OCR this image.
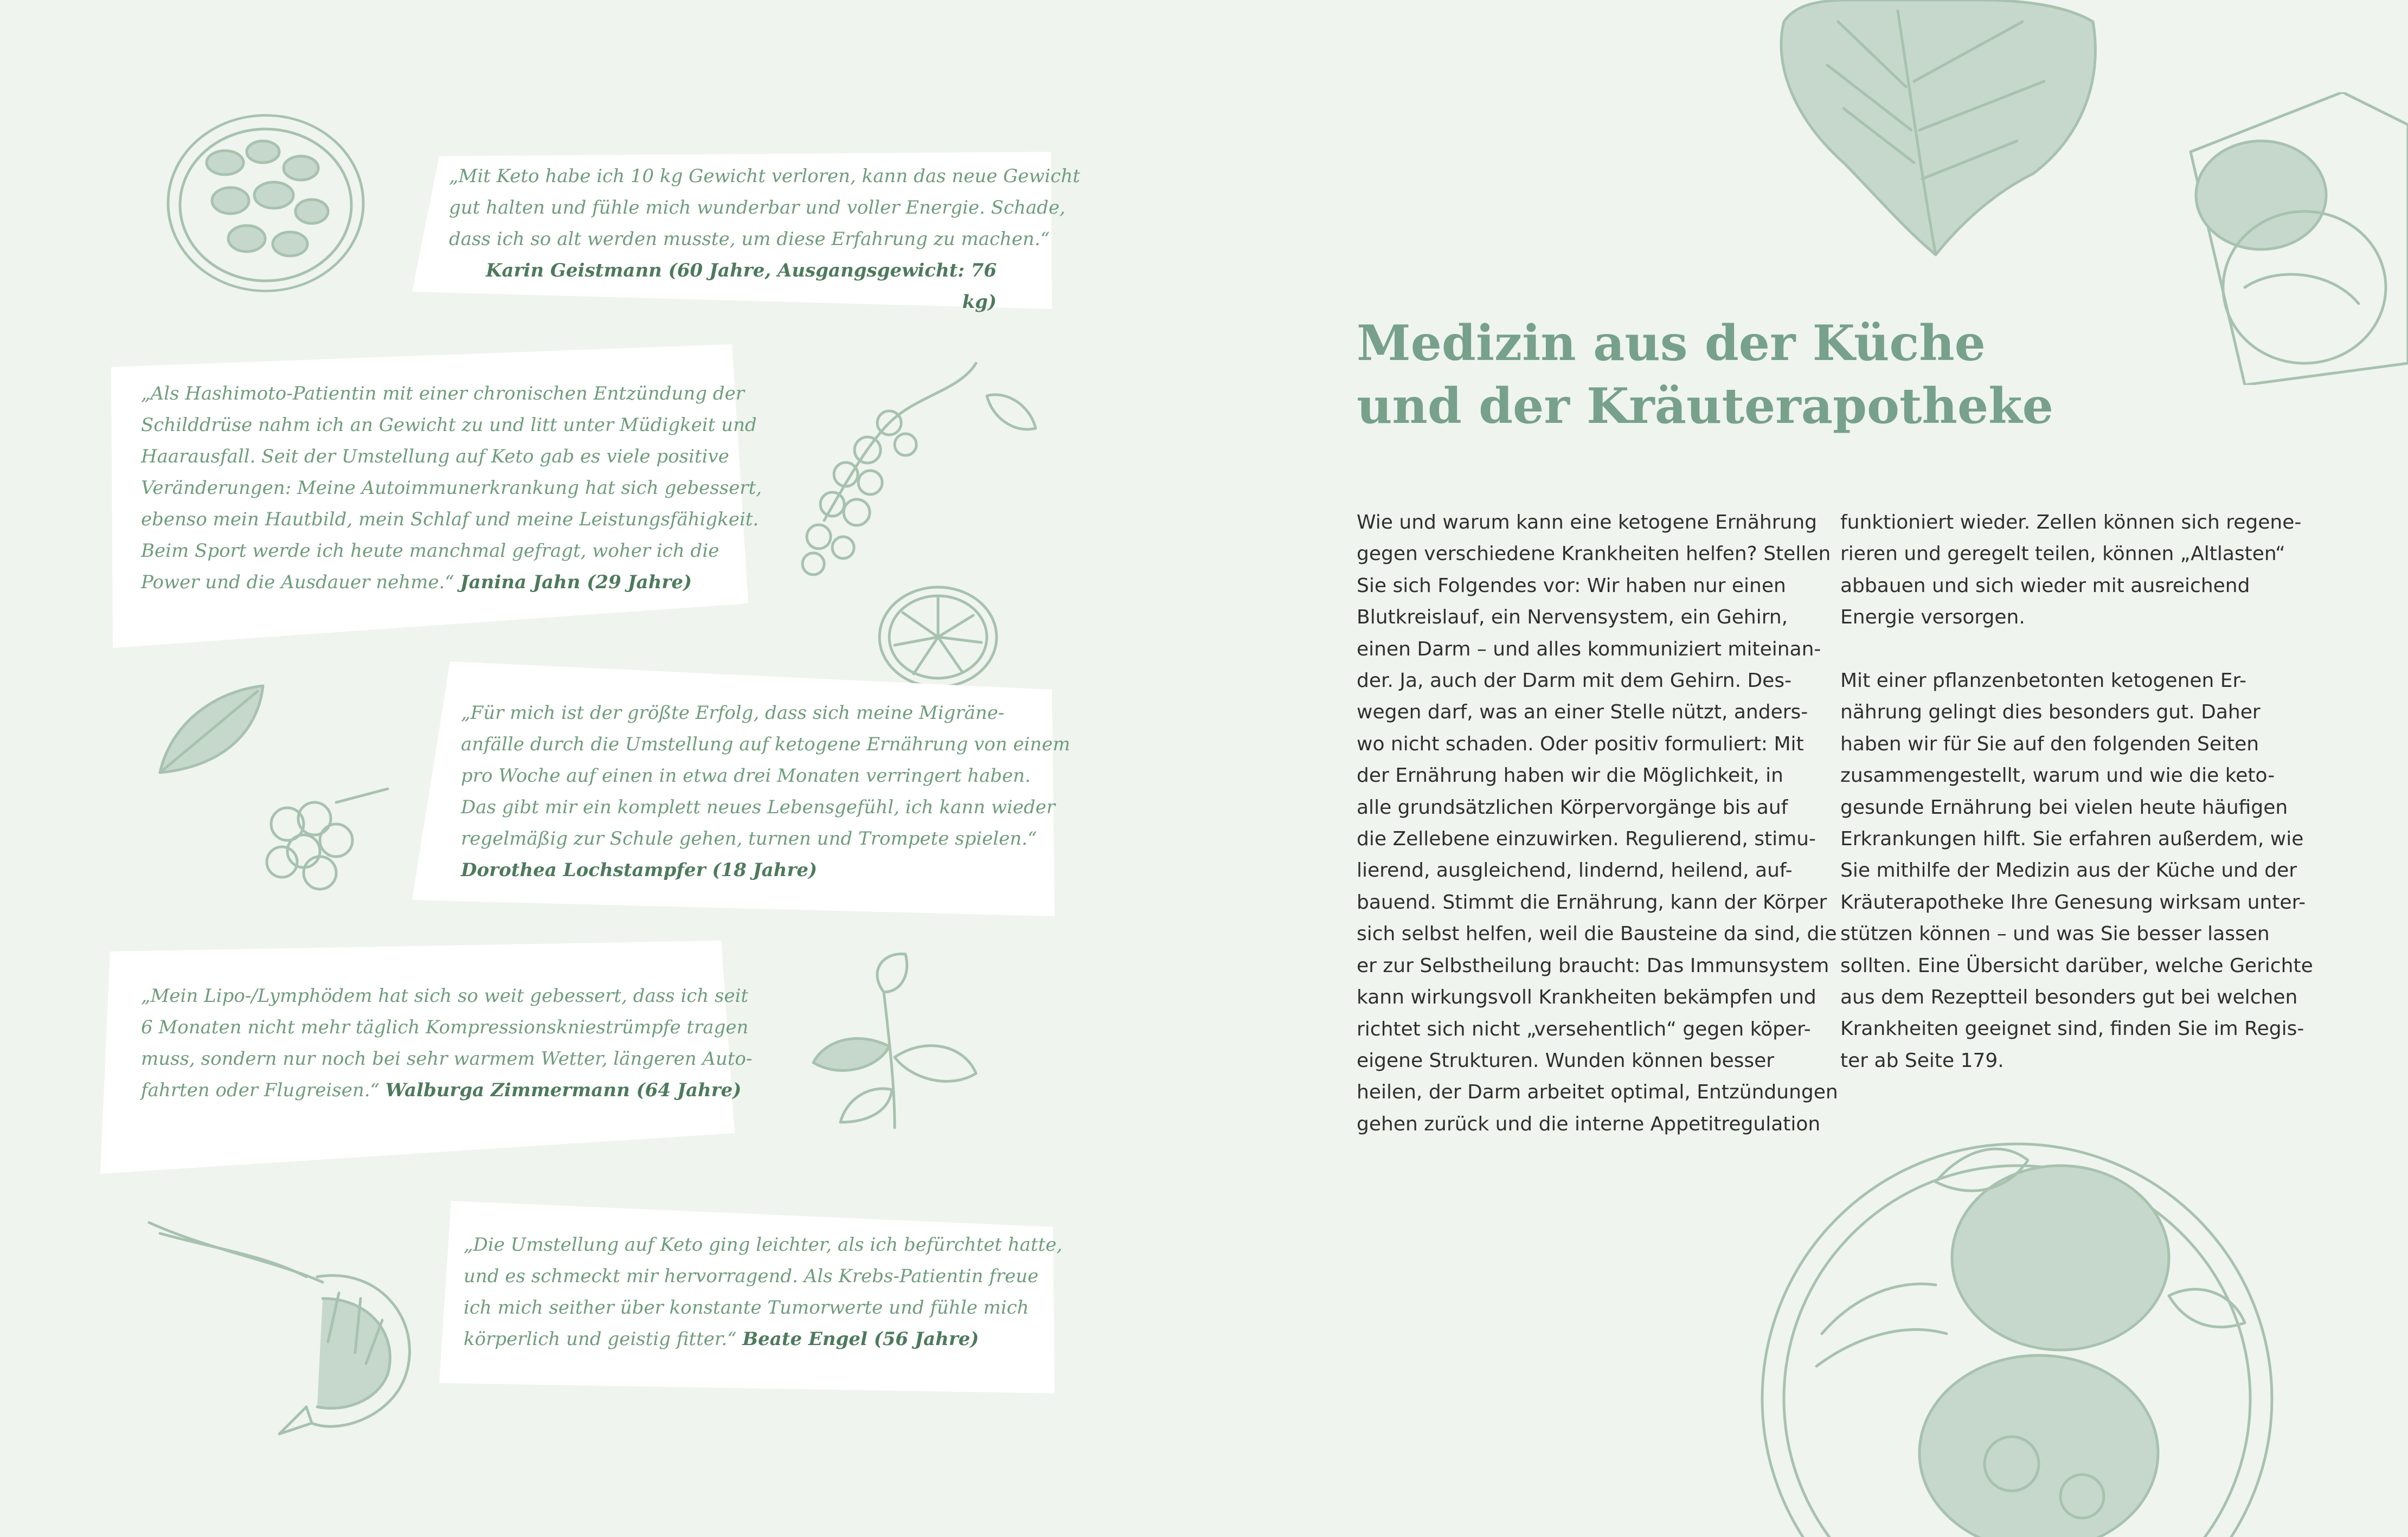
„Mit Keto habe ich 10 kg Gewicht verloren, kann das neue Gewicht
gut halten und fühle mich wunderbar und voller Energie. Schade,
dass ich so alt werden musste, um diese Erfahrung zu machen.“
Karin Geistmann (60 Jahre, Ausgangsgewicht: 76 kg)

„Als Hashimoto-Patientin mit einer chronischen Entzündung der
Schilddrüse nahm ich an Gewicht zu und litt unter Müdigkeit und
Haarausfall. Seit der Umstellung auf Keto gab es viele positive
Veränderungen: Meine Autoimmunerkrankung hat sich gebessert,
ebenso mein Hautbild, mein Schlaf und meine Leistungsfähigkeit.
Beim Sport werde ich heute manchmal gefragt, woher ich die
Power und die Ausdauer nehme.“ Janina Jahn (29 Jahre)

„Für mich ist der größte Erfolg, dass sich meine Migräne-
anfälle durch die Umstellung auf ketogene Ernährung von einem
pro Woche auf einen in etwa drei Monaten verringert haben.
Das gibt mir ein komplett neues Lebensgefühl, ich kann wieder
regelmäßig zur Schule gehen, turnen und Trompete spielen.“
Dorothea Lochstampfer (18 Jahre)

„Mein Lipo-/Lymphödem hat sich so weit gebessert, dass ich seit
6 Monaten nicht mehr täglich Kompressionskniestrümpfe tragen
muss, sondern nur noch bei sehr warmem Wetter, längeren Auto-
fahrten oder Flugreisen.“ Walburga Zimmermann (64 Jahre)

„Die Umstellung auf Keto ging leichter, als ich befürchtet hatte,
und es schmeckt mir hervorragend. Als Krebs-Patientin freue
ich mich seither über konstante Tumorwerte und fühle mich
körperlich und geistig fitter.“ Beate Engel (56 Jahre)

Medizin aus der Küche
und der Kräuterapotheke

Wie und warum kann eine ketogene Ernährung
gegen verschiedene Krankheiten helfen? Stellen
Sie sich Folgendes vor: Wir haben nur einen
Blutkreislauf, ein Nervensystem, ein Gehirn,
einen Darm – und alles kommuniziert miteinan-
der. Ja, auch der Darm mit dem Gehirn. Des-
wegen darf, was an einer Stelle nützt, anders-
wo nicht schaden. Oder positiv formuliert: Mit
der Ernährung haben wir die Möglichkeit, in
alle grundsätzlichen Körpervorgänge bis auf
die Zellebene einzuwirken. Regulierend, stimu-
lierend, ausgleichend, lindernd, heilend, auf-
bauend. Stimmt die Ernährung, kann der Körper
sich selbst helfen, weil die Bausteine da sind, die
er zur Selbstheilung braucht: Das Immunsystem
kann wirkungsvoll Krankheiten bekämpfen und
richtet sich nicht „versehentlich“ gegen köper-
eigene Strukturen. Wunden können besser
heilen, der Darm arbeitet optimal, Entzündungen
gehen zurück und die interne Appetitregulation

funktioniert wieder. Zellen können sich regene-
rieren und geregelt teilen, können „Altlasten“
abbauen und sich wieder mit ausreichend
Energie versorgen.
Mit einer pflanzenbetonten ketogenen Er-
nährung gelingt dies besonders gut. Daher
haben wir für Sie auf den folgenden Seiten
zusammengestellt, warum und wie die keto-
gesunde Ernährung bei vielen heute häufigen
Erkrankungen hilft. Sie erfahren außerdem, wie
Sie mithilfe der Medizin aus der Küche und der
Kräuterapotheke Ihre Genesung wirksam unter-
stützen können – und was Sie besser lassen
sollten. Eine Übersicht darüber, welche Gerichte
aus dem Rezeptteil besonders gut bei welchen
Krankheiten geeignet sind, finden Sie im Regis-
ter ab Seite 179.
